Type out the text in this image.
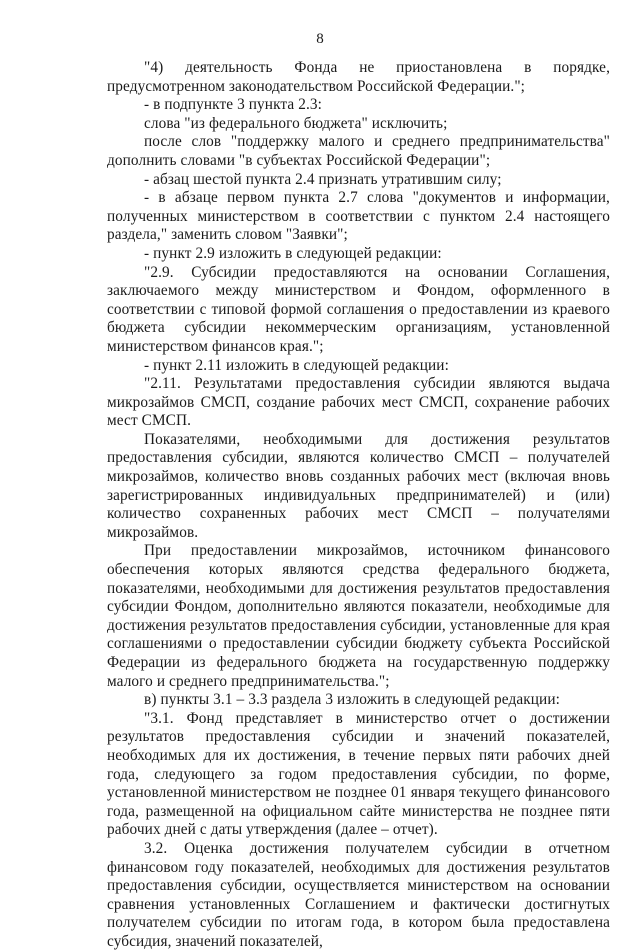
8

"4) деятельность Фонда не приостановлена в порядке, предусмотренном законодательством Российской Федерации.";

- в подпункте 3 пункта 2.3:

слова "из федерального бюджета" исключить;

после слов "поддержку малого и среднего предпринимательства" дополнить словами "в субъектах Российской Федерации";

- абзац шестой пункта 2.4 признать утратившим силу;

- в абзаце первом пункта 2.7 слова "документов и информации, полученных министерством в соответствии с пунктом 2.4 настоящего раздела," заменить словом "Заявки";

- пункт 2.9 изложить в следующей редакции:

"2.9. Субсидии предоставляются на основании Соглашения, заключаемого между министерством и Фондом, оформленного в соответствии с типовой формой соглашения о предоставлении из краевого бюджета субсидии некоммерческим организациям, установленной министерством финансов края.";

- пункт 2.11 изложить в следующей редакции:

"2.11. Результатами предоставления субсидии являются выдача микрозаймов СМСП, создание рабочих мест СМСП, сохранение рабочих мест СМСП.

Показателями, необходимыми для достижения результатов предоставления субсидии, являются количество СМСП – получателей микрозаймов, количество вновь созданных рабочих мест (включая вновь зарегистрированных индивидуальных предпринимателей) и (или) количество сохраненных рабочих мест СМСП – получателями микрозаймов.

При предоставлении микрозаймов, источником финансового обеспечения которых являются средства федерального бюджета, показателями, необходимыми для достижения результатов предоставления субсидии Фондом, дополнительно являются показатели, необходимые для достижения результатов предоставления субсидии, установленные для края соглашениями о предоставлении субсидии бюджету субъекта Российской Федерации из федерального бюджета на государственную поддержку малого и среднего предпринимательства.";

в) пункты 3.1 – 3.3 раздела 3 изложить в следующей редакции:

"3.1. Фонд представляет в министерство отчет о достижении результатов предоставления субсидии и значений показателей, необходимых для их достижения, в течение первых пяти рабочих дней года, следующего за годом предоставления субсидии, по форме, установленной министерством не позднее 01 января текущего финансового года, размещенной на официальном сайте министерства не позднее пяти рабочих дней с даты утверждения (далее – отчет).

3.2. Оценка достижения получателем субсидии в отчетном финансовом году показателей, необходимых для достижения результатов предоставления субсидии, осуществляется министерством на основании сравнения установленных Соглашением и фактически достигнутых получателем субсидии по итогам года, в котором была предоставлена субсидия, значений показателей,
